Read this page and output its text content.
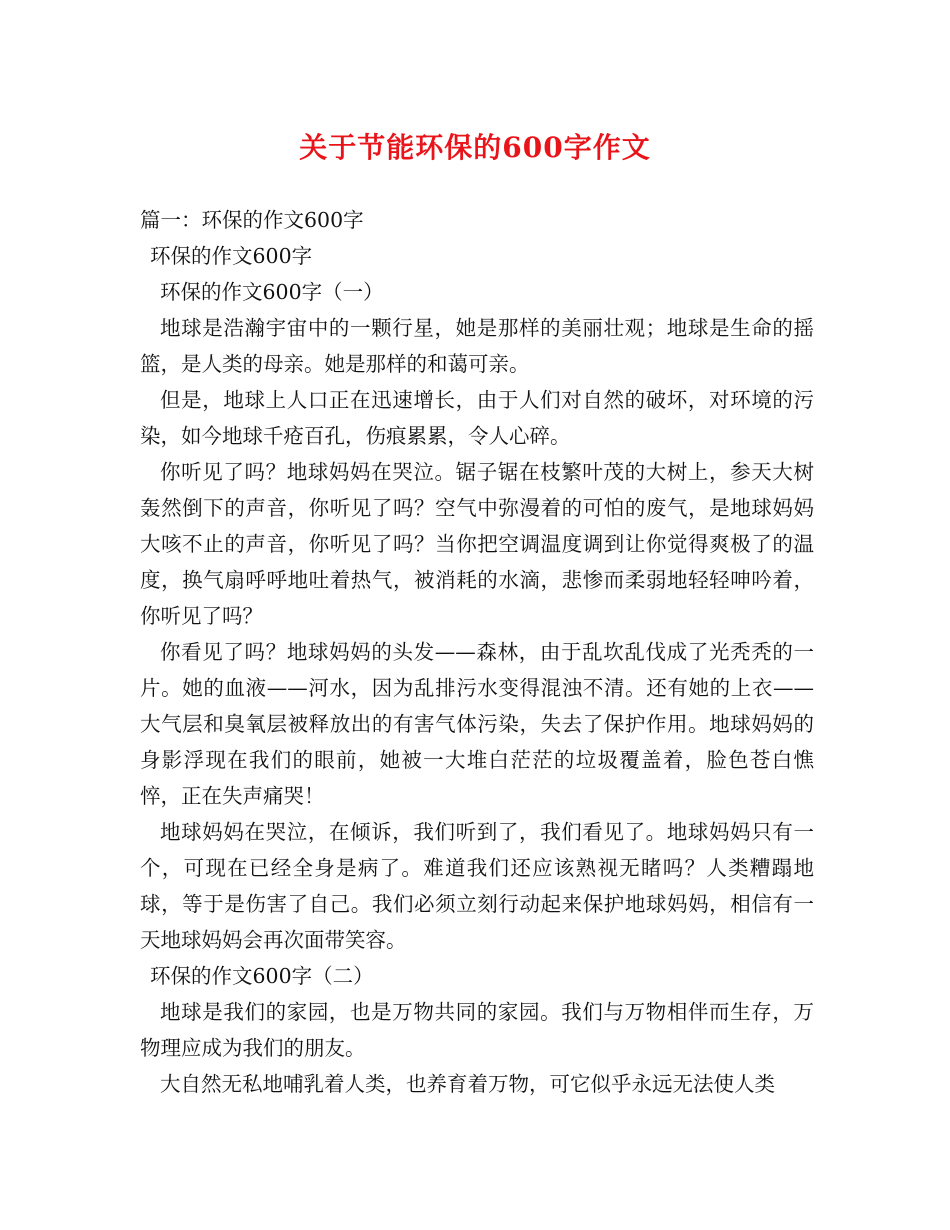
关于节能环保的600字作文
篇一：环保的作文600字
环保的作文600字
环保的作文600字（一）
地球是浩瀚宇宙中的一颗行星，她是那样的美丽壮观；地球是生命的摇篮，是人类的母亲。她是那样的和蔼可亲。
但是，地球上人口正在迅速增长，由于人们对自然的破坏，对环境的污染，如今地球千疮百孔，伤痕累累，令人心碎。
你听见了吗？地球妈妈在哭泣。锯子锯在枝繁叶茂的大树上，参天大树轰然倒下的声音，你听见了吗？空气中弥漫着的可怕的废气，是地球妈妈大咳不止的声音，你听见了吗？当你把空调温度调到让你觉得爽极了的温度，换气扇呼呼地吐着热气，被消耗的水滴，悲惨而柔弱地轻轻呻吟着，你听见了吗？
你看见了吗？地球妈妈的头发——森林，由于乱坎乱伐成了光秃秃的一片。她的血液——河水，因为乱排污水变得混浊不清。还有她的上衣——大气层和臭氧层被释放出的有害气体污染，失去了保护作用。地球妈妈的身影浮现在我们的眼前，她被一大堆白茫茫的垃圾覆盖着，脸色苍白憔悴，正在失声痛哭！
地球妈妈在哭泣，在倾诉，我们听到了，我们看见了。地球妈妈只有一个，可现在已经全身是病了。难道我们还应该熟视无睹吗？人类糟蹋地球，等于是伤害了自己。我们必须立刻行动起来保护地球妈妈，相信有一天地球妈妈会再次面带笑容。
环保的作文600字（二）
地球是我们的家园，也是万物共同的家园。我们与万物相伴而生存，万物理应成为我们的朋友。
大自然无私地哺乳着人类，也养育着万物，可它似乎永远无法使人类
